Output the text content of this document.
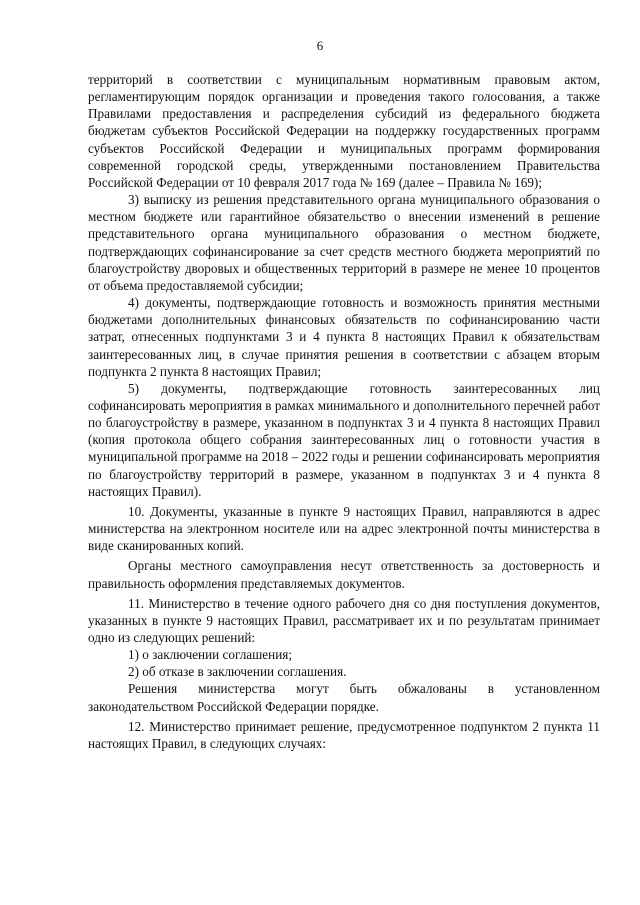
6

территорий в соответствии с муниципальным нормативным правовым актом, регламентирующим порядок организации и проведения такого голосования, а также Правилами предоставления и распределения субсидий из федерального бюджета бюджетам субъектов Российской Федерации на поддержку государственных программ субъектов Российской Федерации и муниципальных программ формирования современной городской среды, утвержденными постановлением Правительства Российской Федерации от 10 февраля 2017 года № 169 (далее – Правила № 169);

3) выписку из решения представительного органа муниципального образования о местном бюджете или гарантийное обязательство о внесении изменений в решение представительного органа муниципального образования о местном бюджете, подтверждающих софинансирование за счет средств местного бюджета мероприятий по благоустройству дворовых и общественных территорий в размере не менее 10 процентов от объема предоставляемой субсидии;

4) документы, подтверждающие готовность и возможность принятия местными бюджетами дополнительных финансовых обязательств по софинансированию части затрат, отнесенных подпунктами 3 и 4 пункта 8 настоящих Правил к обязательствам заинтересованных лиц, в случае принятия решения в соответствии с абзацем вторым подпункта 2 пункта 8 настоящих Правил;

5) документы, подтверждающие готовность заинтересованных лиц софинансировать мероприятия в рамках минимального и дополнительного перечней работ по благоустройству в размере, указанном в подпунктах 3 и 4 пункта 8 настоящих Правил (копия протокола общего собрания заинтересованных лиц о готовности участия в муниципальной программе на 2018 – 2022 годы и решении софинансировать мероприятия по благоустройству территорий в размере, указанном в подпунктах 3 и 4 пункта 8 настоящих Правил).

10. Документы, указанные в пункте 9 настоящих Правил, направляются в адрес министерства на электронном носителе или на адрес электронной почты министерства в виде сканированных копий.

Органы местного самоуправления несут ответственность за достоверность и правильность оформления представляемых документов.

11. Министерство в течение одного рабочего дня со дня поступления документов, указанных в пункте 9 настоящих Правил, рассматривает их и по результатам принимает одно из следующих решений:

1) о заключении соглашения;

2) об отказе в заключении соглашения.

Решения министерства могут быть обжалованы в установленном законодательством Российской Федерации порядке.

12. Министерство принимает решение, предусмотренное подпунктом 2 пункта 11 настоящих Правил, в следующих случаях:
